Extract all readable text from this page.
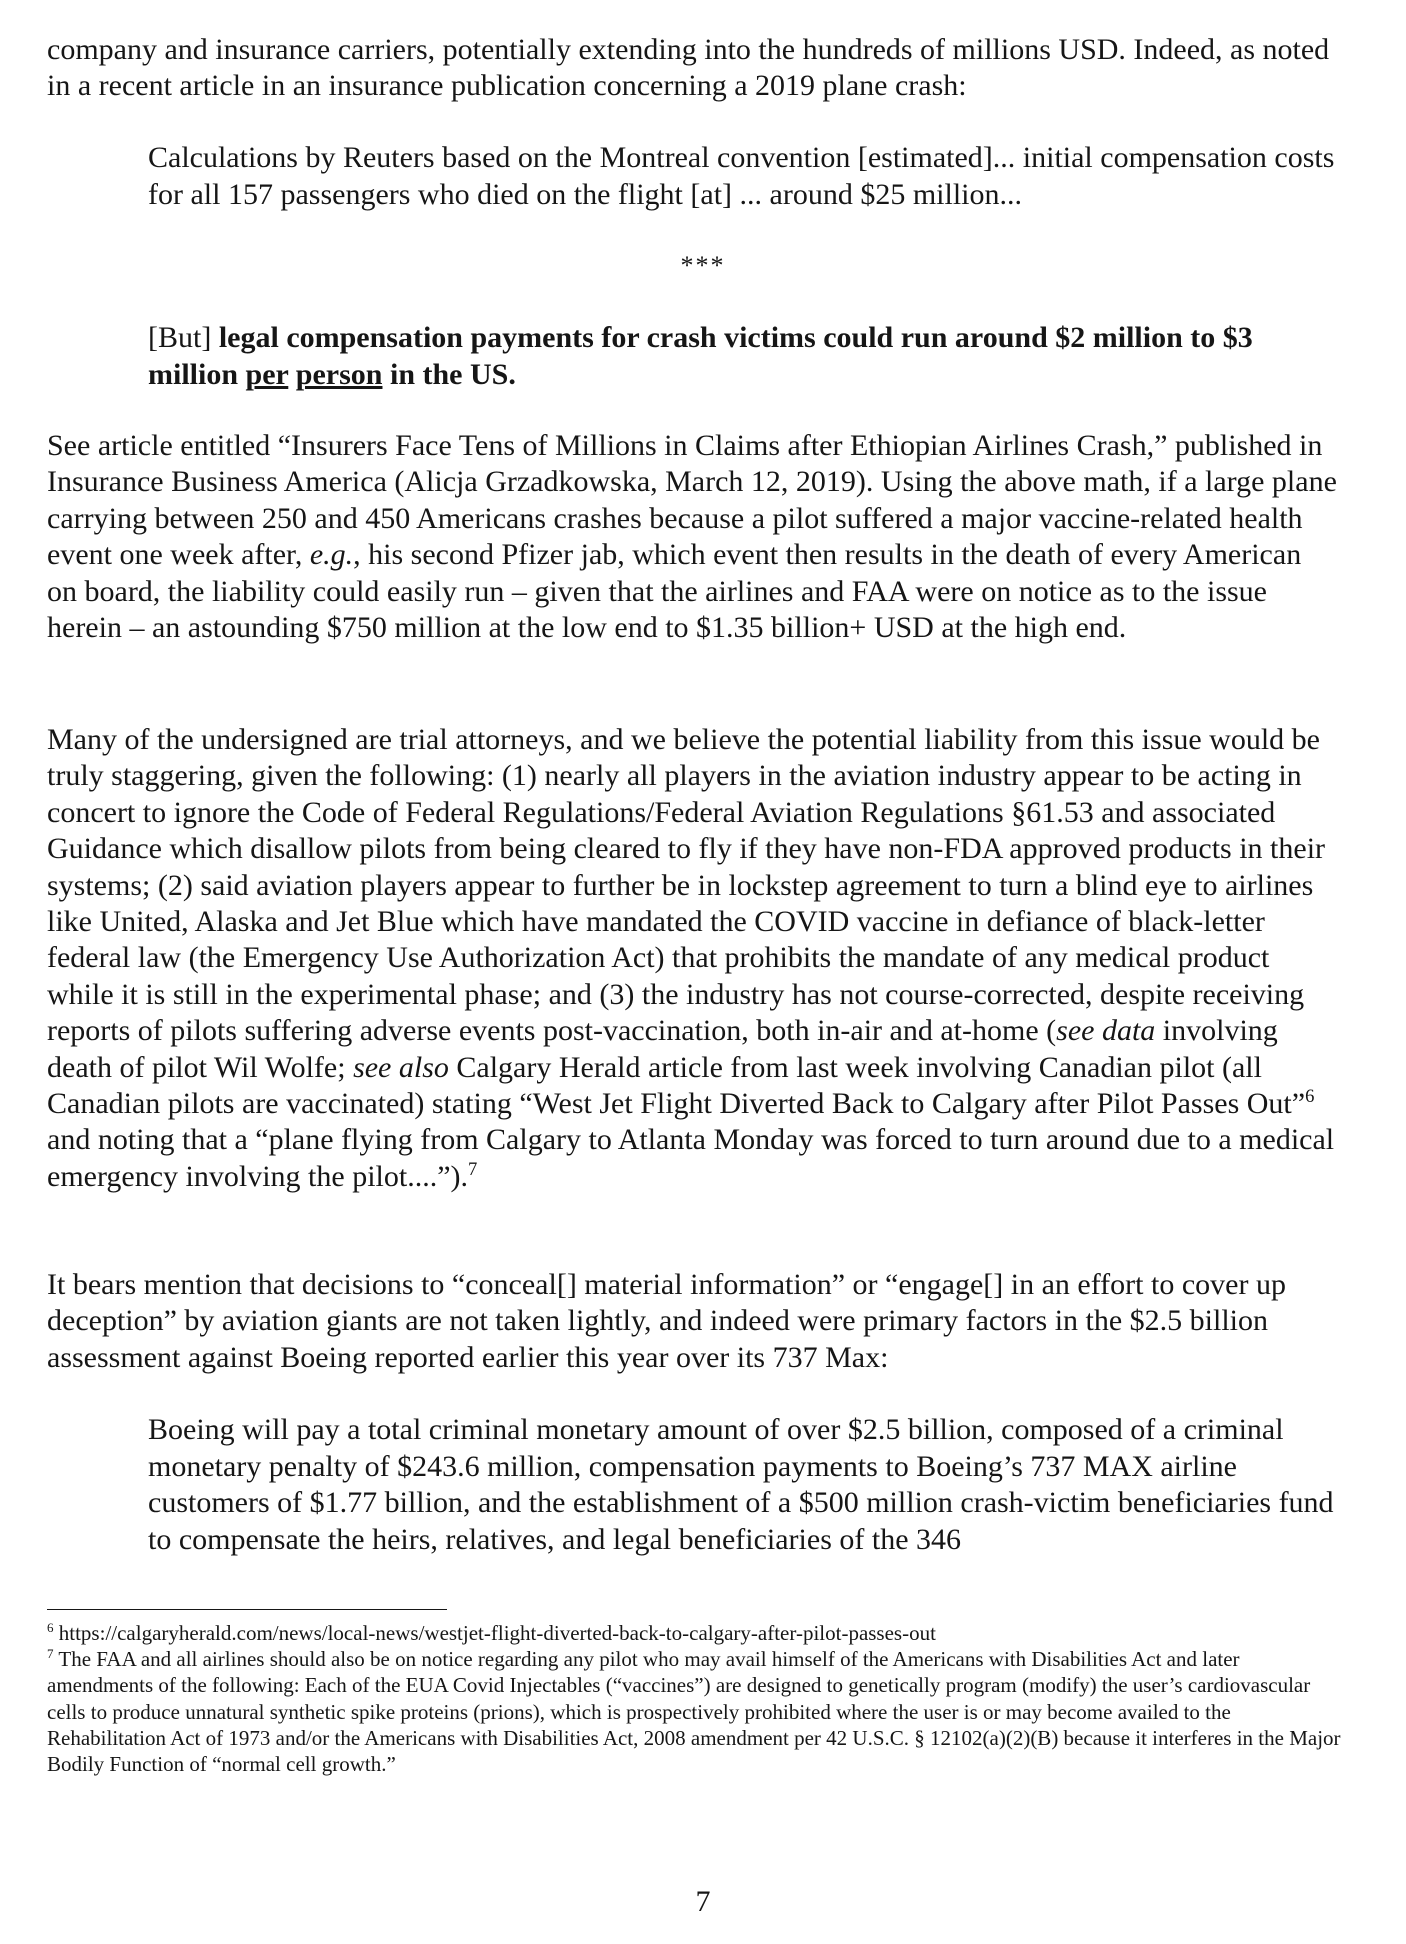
company and insurance carriers, potentially extending into the hundreds of millions USD. Indeed, as noted in a recent article in an insurance publication concerning a 2019 plane crash:

Calculations by Reuters based on the Montreal convention [estimated]... initial compensation costs for all 157 passengers who died on the flight [at] ... around $25 million...

***

[But] legal compensation payments for crash victims could run around $2 million to $3 million per person in the US.

See article entitled “Insurers Face Tens of Millions in Claims after Ethiopian Airlines Crash,” published in Insurance Business America (Alicja Grzadkowska, March 12, 2019). Using the above math, if a large plane carrying between 250 and 450 Americans crashes because a pilot suffered a major vaccine-related health event one week after, e.g., his second Pfizer jab, which event then results in the death of every American on board, the liability could easily run – given that the airlines and FAA were on notice as to the issue herein – an astounding $750 million at the low end to $1.35 billion+ USD at the high end.

Many of the undersigned are trial attorneys, and we believe the potential liability from this issue would be truly staggering, given the following: (1) nearly all players in the aviation industry appear to be acting in concert to ignore the Code of Federal Regulations/Federal Aviation Regulations §61.53 and associated Guidance which disallow pilots from being cleared to fly if they have non-FDA approved products in their systems; (2) said aviation players appear to further be in lockstep agreement to turn a blind eye to airlines like United, Alaska and Jet Blue which have mandated the COVID vaccine in defiance of black-letter federal law (the Emergency Use Authorization Act) that prohibits the mandate of any medical product while it is still in the experimental phase; and (3) the industry has not course-corrected, despite receiving reports of pilots suffering adverse events post-vaccination, both in-air and at-home (see data involving death of pilot Wil Wolfe; see also Calgary Herald article from last week involving Canadian pilot (all Canadian pilots are vaccinated) stating “West Jet Flight Diverted Back to Calgary after Pilot Passes Out”$^6$ and noting that a “plane flying from Calgary to Atlanta Monday was forced to turn around due to a medical emergency involving the pilot....”).$^7$

It bears mention that decisions to “conceal[] material information” or “engage[] in an effort to cover up deception” by aviation giants are not taken lightly, and indeed were primary factors in the $2.5 billion assessment against Boeing reported earlier this year over its 737 Max:

Boeing will pay a total criminal monetary amount of over $2.5 billion, composed of a criminal monetary penalty of $243.6 million, compensation payments to Boeing’s 737 MAX airline customers of $1.77 billion, and the establishment of a $500 million crash-victim beneficiaries fund to compensate the heirs, relatives, and legal beneficiaries of the 346

$^6$ https://calgaryherald.com/news/local-news/westjet-flight-diverted-back-to-calgary-after-pilot-passes-out

$^7$ The FAA and all airlines should also be on notice regarding any pilot who may avail himself of the Americans with Disabilities Act and later amendments of the following: Each of the EUA Covid Injectables (“vaccines”) are designed to genetically program (modify) the user’s cardiovascular cells to produce unnatural synthetic spike proteins (prions), which is prospectively prohibited where the user is or may become availed to the Rehabilitation Act of 1973 and/or the Americans with Disabilities Act, 2008 amendment per 42 U.S.C. § 12102(a)(2)(B) because it interferes in the Major Bodily Function of “normal cell growth.”

7
